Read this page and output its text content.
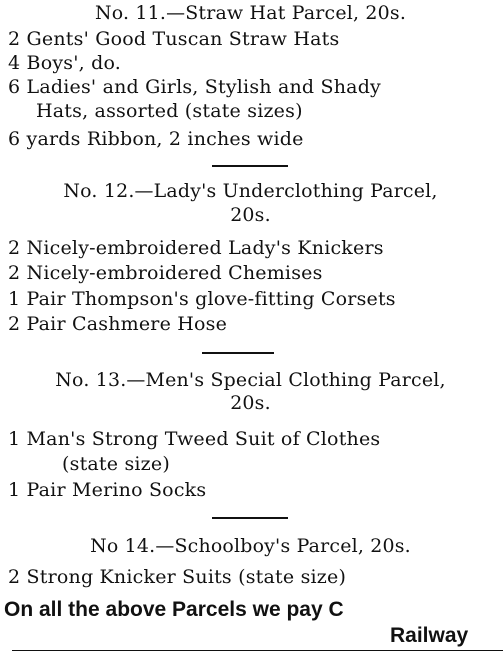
No. 11.—Straw Hat Parcel, 20s.
2 Gents' Good Tuscan Straw Hats
4 Boys', do.
6 Ladies' and Girls, Stylish and Shady
Hats, assorted (state sizes)
6 yards Ribbon, 2 inches wide
No. 12.—Lady's Underclothing Parcel,
20s.
2 Nicely-embroidered Lady's Knickers
2 Nicely-embroidered Chemises
1 Pair Thompson's glove-fitting Corsets
2 Pair Cashmere Hose
No. 13.—Men's Special Clothing Parcel,
20s.
1 Man's Strong Tweed Suit of Clothes
(state size)
1 Pair Merino Socks
No 14.—Schoolboy's Parcel, 20s.
2 Strong Knicker Suits (state size)
On all the above Parcels we pay C
Railway
